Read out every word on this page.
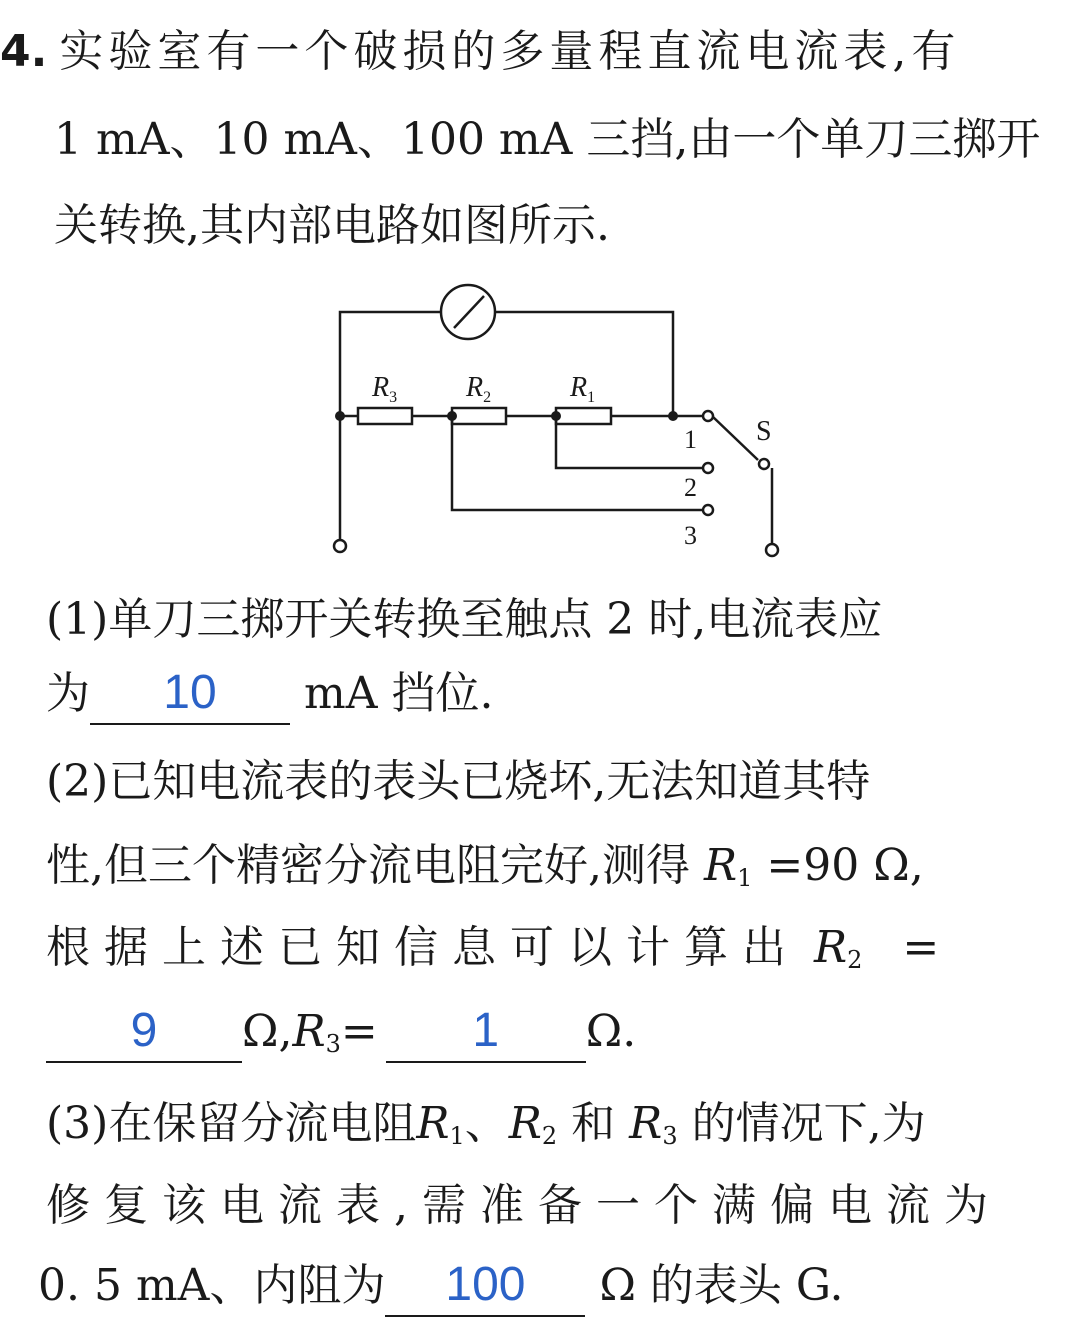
4. 实验室有一个破损的多量程直流电流表,有
1 mA、10 mA、100 mA 三挡,由一个单刀三掷开
关转换,其内部电路如图所示.
$R_3$ $R_2$	$R_1$
S
1
2
3
(1)单刀三掷开关转换至触点 2 时,电流表应
为 10 mA 挡位.
(2)已知电流表的表头已烧坏,无法知道其特
性,但三个精密分流电阻完好,测得 $R_1 =90$ Ω,
根据上述已知信息可以计算出 $R_2$ =
9 $\Omega,R_3= 1$ Ω.
(3)在保留分流电阻$R_1$、$R_2$ 和 $R_3$ 的情况下,为
修复该电流表,需准备一个满偏电流为
0. 5 mA、内阻为 100 Ω 的表头 G.
